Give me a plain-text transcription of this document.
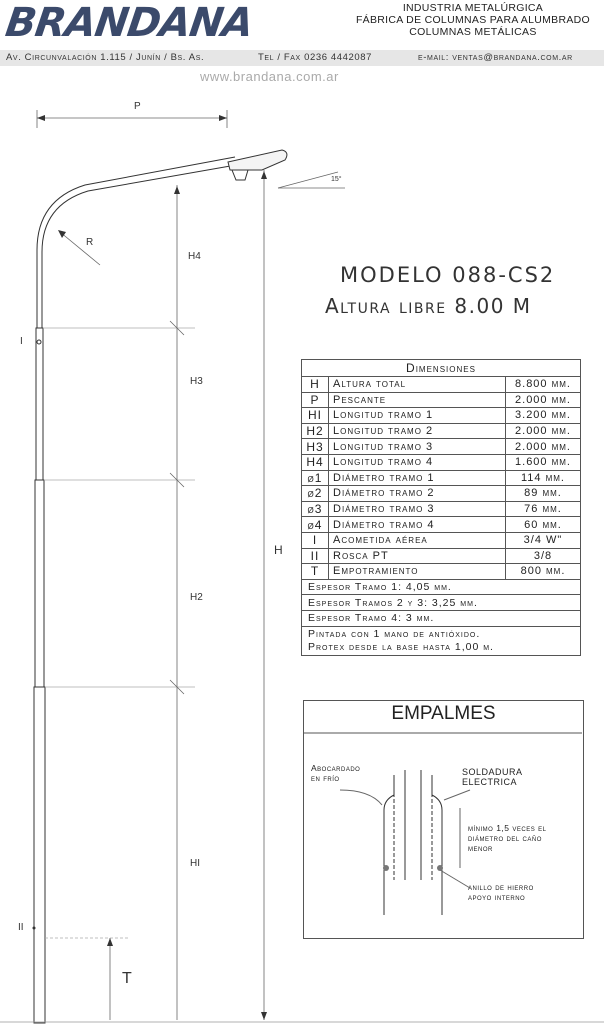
BRANDANA	INDUSTRIA METALÚRGICA
FÁBRICA DE COLUMNAS PARA ALUMBRADO
COLUMNAS METÁLICAS
Av. Circunvalación 1.115 / Junín / Bs. As.	Tel / Fax 0236 4442087	e-mail: ventas@brandana.com.ar
www.brandana.com.ar
P
R
15°
H4
H3
H2
HI
H
T
I
II
MODELO 088-CS2
Altura libre 8.00 M
Dimensiones		
H	Altura total	8.800 mm.
P	Pescante	2.000 mm.
HI	Longitud tramo 1	3.200 mm.
H2	Longitud tramo 2	2.000 mm.
H3	Longitud tramo 3	2.000 mm.
H4	Longitud tramo 4	1.600 mm.
ø1	Diámetro tramo 1	114 mm.
ø2	Diámetro tramo 2	89 mm.
ø3	Diámetro tramo 3	76 mm.
ø4	Diámetro tramo 4	60 mm.
I	Acometida aérea	3/4 W"
II	Rosca PT	3/8
T	Empotramiento	800 mm.
Espesor Tramo 1: 4,05 mm.		
Espesor Tramos 2 y 3: 3,25 mm.		
Espesor Tramo 4: 3 mm.		

Pintada con 1 mano de antióxido.
Protex desde la base hasta 1,00 m.		
EMPALMES
Abocardado
en frío
SOLDADURA
ELECTRICA
mínimo 1,5 veces el
diámetro del caño
menor
anillo de hierro
apoyo interno
